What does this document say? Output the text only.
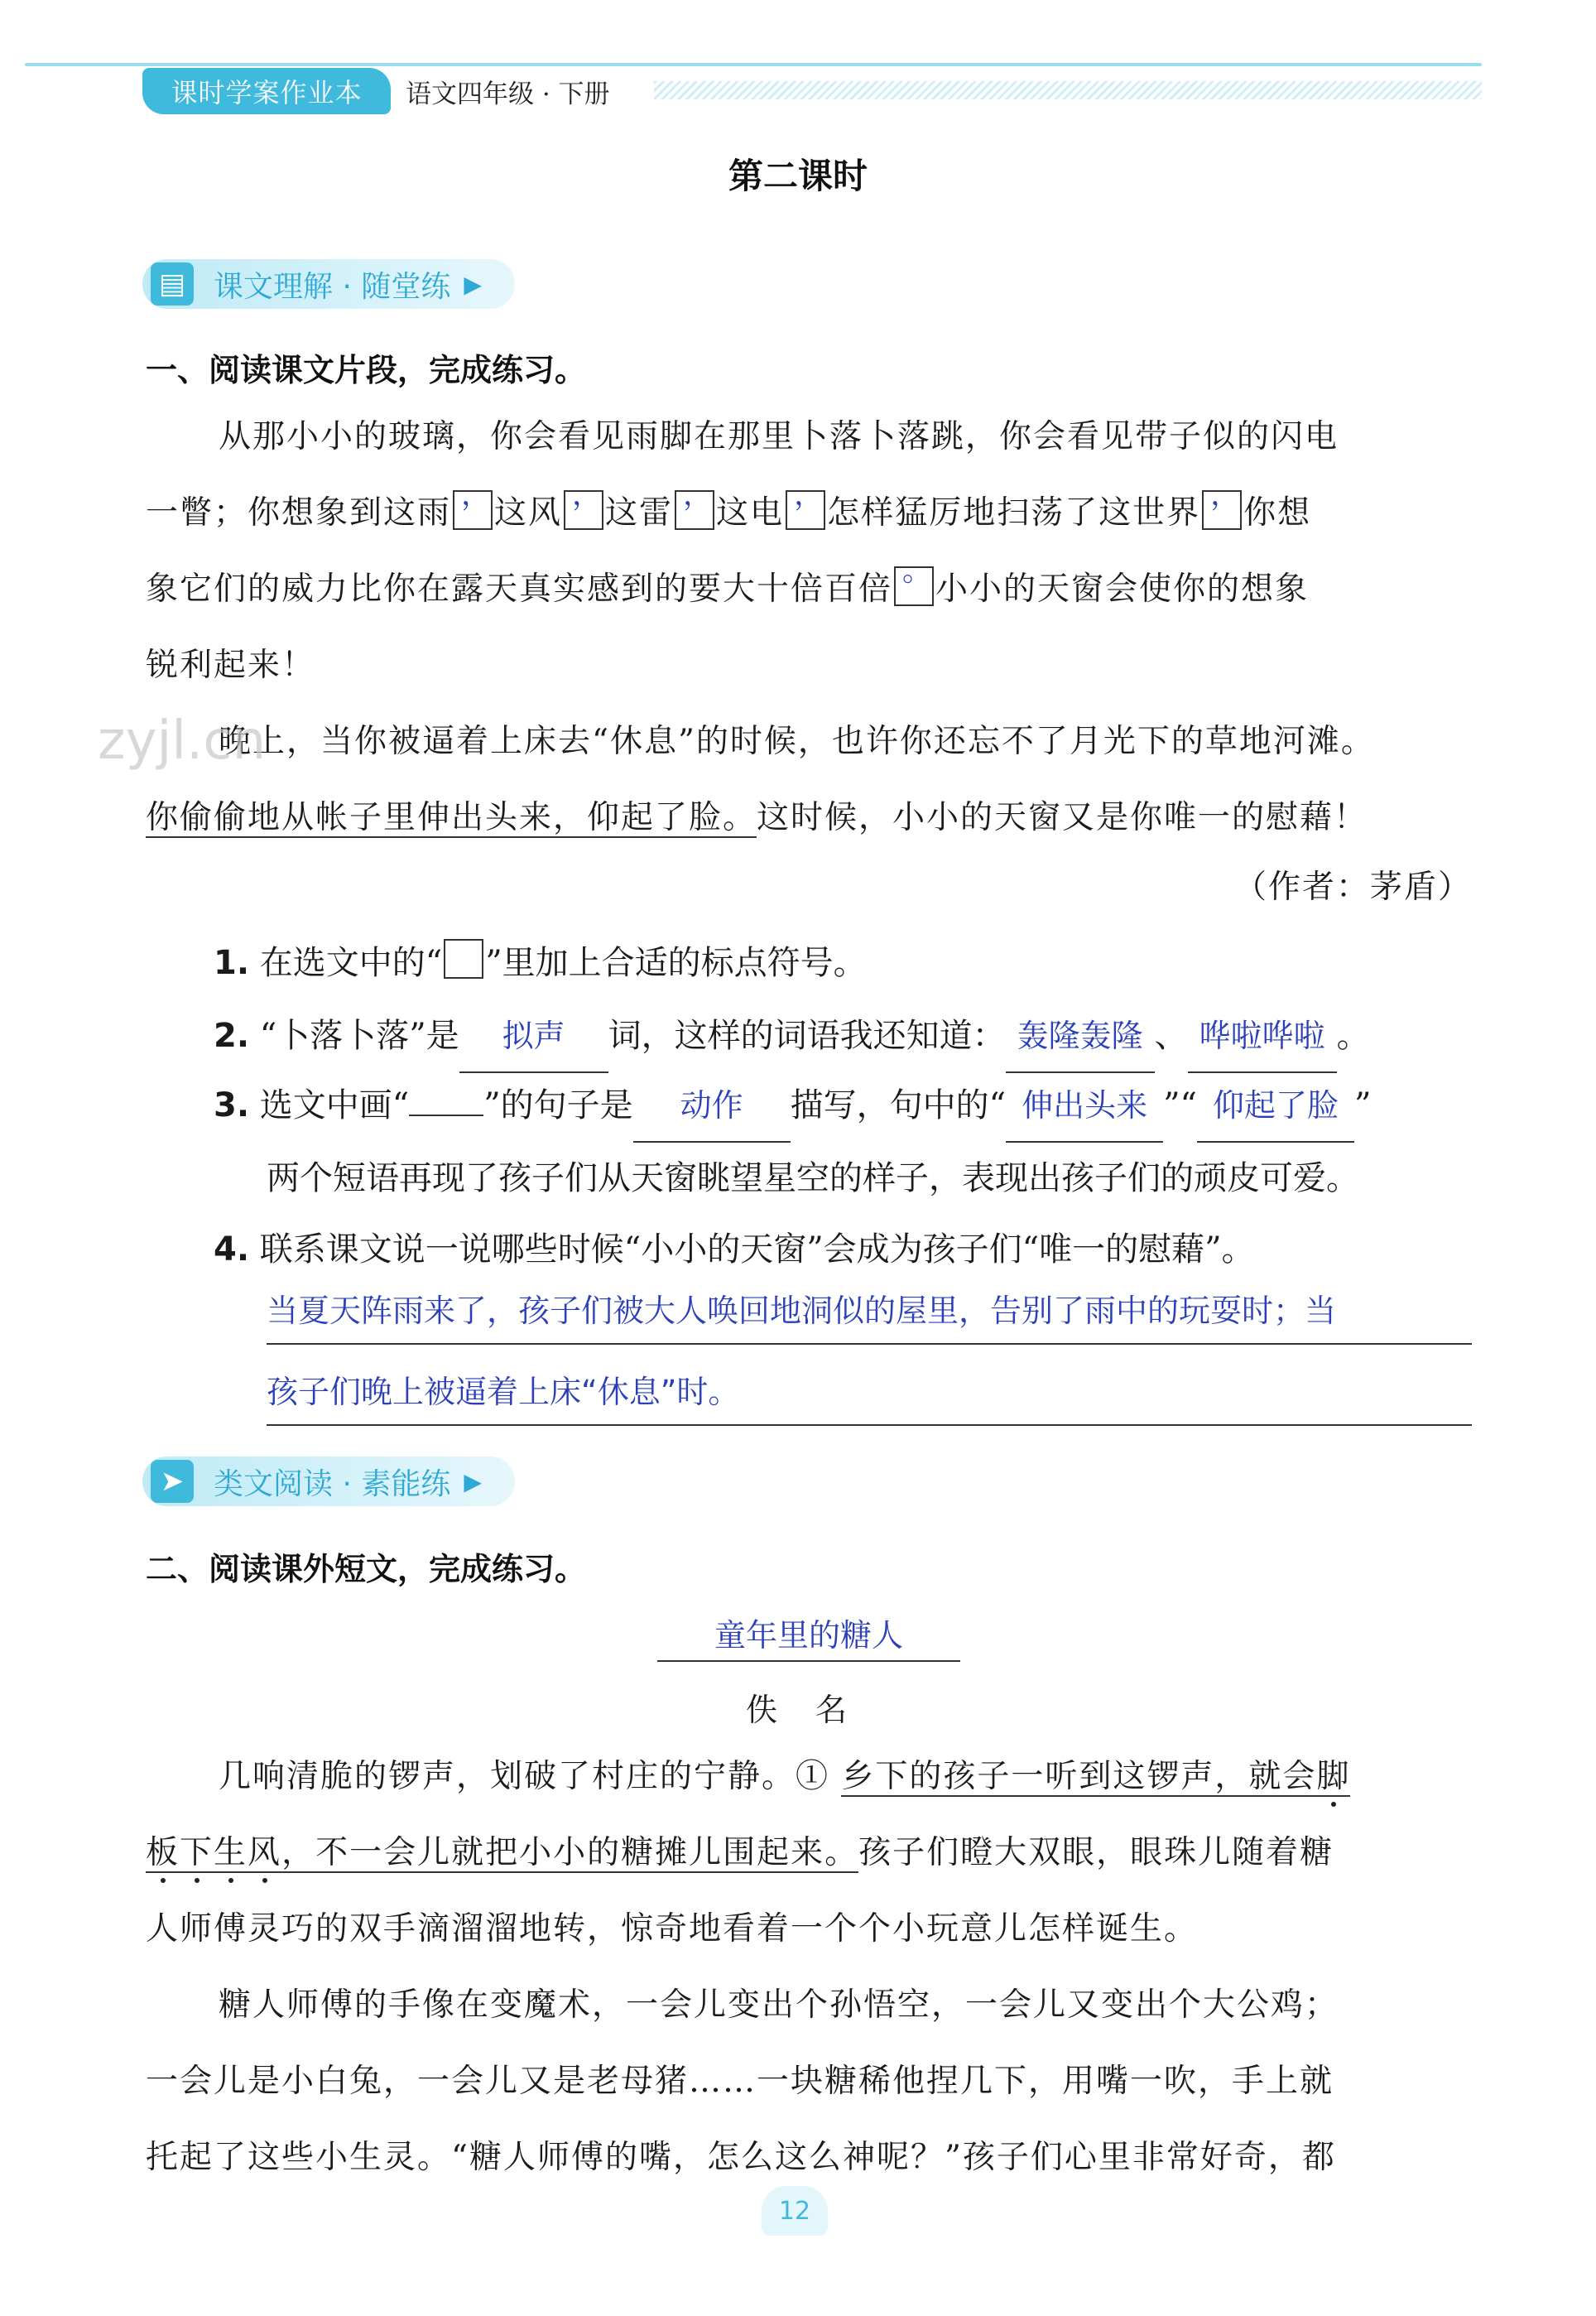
课时学案作业本	语文四年级 · 下册
第二课时
▤ 课文理解 · 随堂练 ▶
一、阅读课文片段，完成练习。
从那小小的玻璃，你会看见雨脚在那里卜落卜落跳，你会看见带子似的闪电
一瞥；你想象到这雨 ， 这风 ， 这雷 ， 这电 ， 怎样猛厉地扫荡了这世界 ， 你想
象它们的威力比你在露天真实感到的要大十倍百倍 。 小小的天窗会使你的想象
锐利起来！
晚上，当你被逼着上床去“休息”的时候，也许你还忘不了月光下的草地河滩。
你偷偷地从帐子里伸出头来，仰起了脸。这时候，小小的天窗又是你唯一的慰藉！
（作者：茅盾）
1. 在选文中的“ ”里加上合适的标点符号。
2. “卜落卜落”是 拟声 词，这样的词语我还知道： 轰隆轰隆 、 哗啦哗啦 。
3. 选文中画“ ”的句子是 动作 描写，句中的“ 伸出头来 ”“ 仰起了脸 ”
两个短语再现了孩子们从天窗眺望星空的样子，表现出孩子们的顽皮可爱。
4. 联系课文说一说哪些时候“小小的天窗”会成为孩子们“唯一的慰藉”。
当夏天阵雨来了，孩子们被大人唤回地洞似的屋里，告别了雨中的玩耍时；当
孩子们晚上被逼着上床“休息”时。
➤ 类文阅读 · 素能练 ▶
二、阅读课外短文，完成练习。
童年里的糖人
佚　名
几响清脆的锣声，划破了村庄的宁静。① 乡下的孩子一听到这锣声，就会脚
板下生风，不一会儿就把小小的糖摊儿围起来。孩子们瞪大双眼，眼珠儿随着糖
人师傅灵巧的双手滴溜溜地转，惊奇地看着一个个小玩意儿怎样诞生。
糖人师傅的手像在变魔术，一会儿变出个孙悟空，一会儿又变出个大公鸡；
一会儿是小白兔，一会儿又是老母猪……一块糖稀他捏几下，用嘴一吹，手上就
托起了这些小生灵。“糖人师傅的嘴，怎么这么神呢？”孩子们心里非常好奇，都
zyjl.cn
12
